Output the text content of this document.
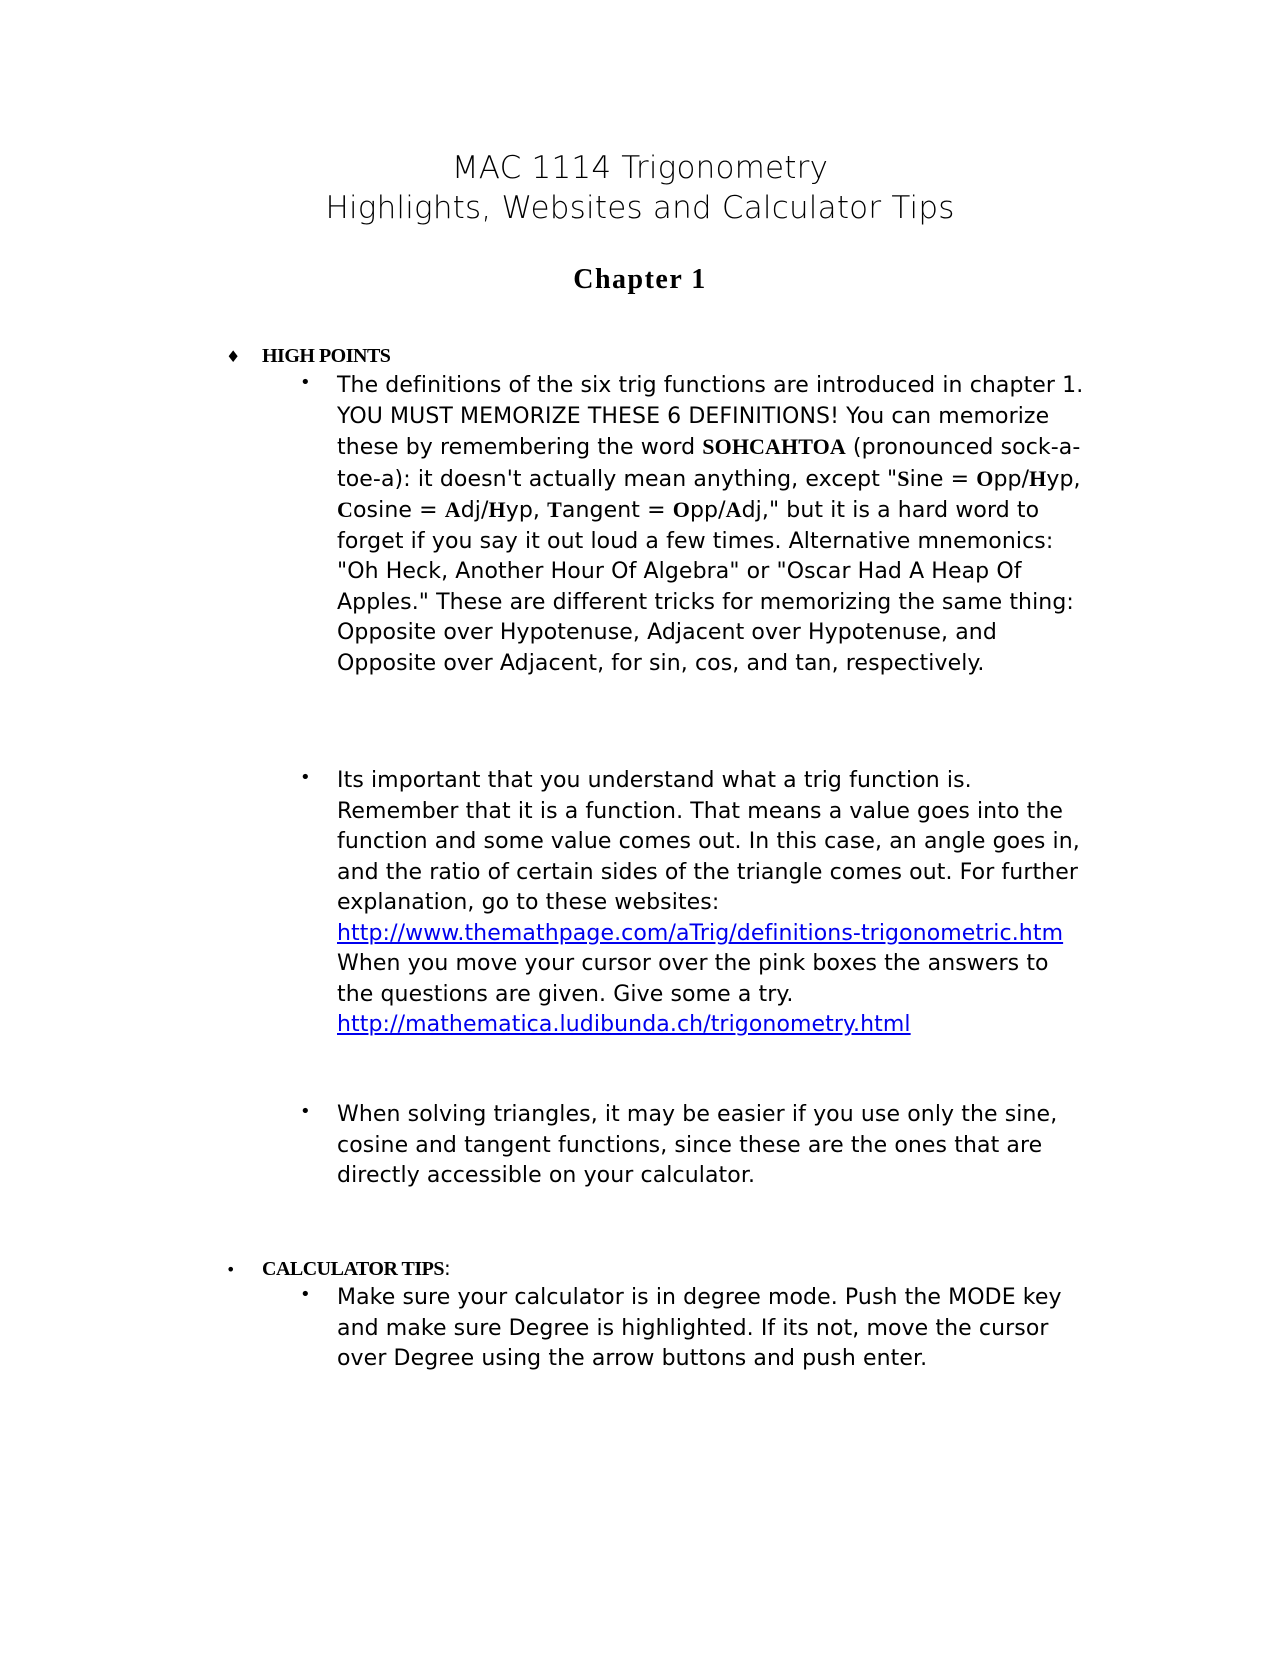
MAC 1114 Trigonometry
Highlights, Websites and Calculator Tips
Chapter 1
♦ HIGH POINTS
• The definitions of the six trig functions are introduced in chapter 1. YOU MUST MEMORIZE THESE 6 DEFINITIONS! You can memorize these by remembering the word SOHCAHTOA (pronounced sock-a-toe-a): it doesn't actually mean anything, except "Sine = Opp/Hyp, Cosine = Adj/Hyp, Tangent = Opp/Adj," but it is a hard word to forget if you say it out loud a few times. Alternative mnemonics: "Oh Heck, Another Hour Of Algebra" or "Oscar Had A Heap Of Apples." These are different tricks for memorizing the same thing: Opposite over Hypotenuse, Adjacent over Hypotenuse, and Opposite over Adjacent, for sin, cos, and tan, respectively.
• Its important that you understand what a trig function is. Remember that it is a function. That means a value goes into the function and some value comes out. In this case, an angle goes in, and the ratio of certain sides of the triangle comes out. For further explanation, go to these websites: http://www.themathpage.com/aTrig/definitions-trigonometric.htm When you move your cursor over the pink boxes the answers to the questions are given. Give some a try. http://mathematica.ludibunda.ch/trigonometry.html
• When solving triangles, it may be easier if you use only the sine, cosine and tangent functions, since these are the ones that are directly accessible on your calculator.
• CALCULATOR TIPS:
• Make sure your calculator is in degree mode. Push the MODE key and make sure Degree is highlighted. If its not, move the cursor over Degree using the arrow buttons and push enter.
